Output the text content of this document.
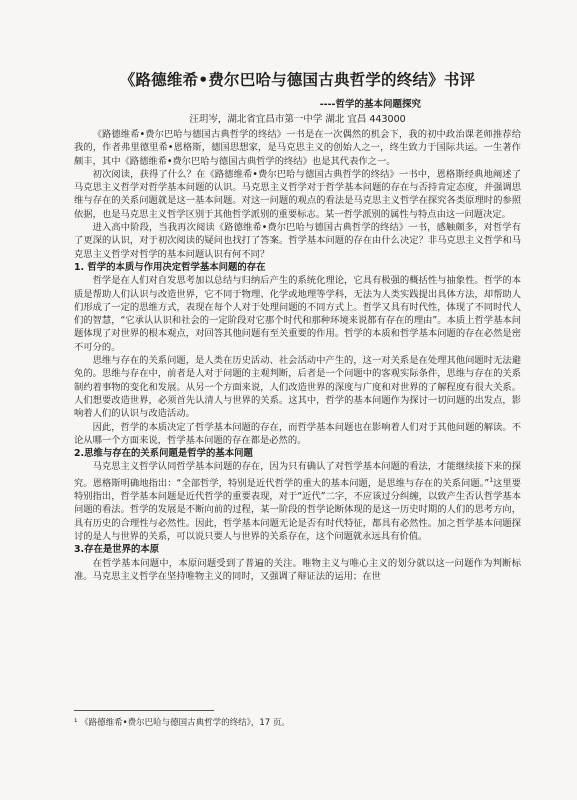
《路德维希•费尔巴哈与德国古典哲学的终结》书评
----哲学的基本问题探究
汪玥岑，湖北省宜昌市第一中学 湖北 宜昌 443000

《路德维希•费尔巴哈与德国古典哲学的终结》一书是在一次偶然的机会下，我的初中政治课老师推荐给我的，作者弗里德里希•恩格斯，德国思想家，是马克思主义的创始人之一，终生致力于国际共运。一生著作颇丰，其中《路德维希•费尔巴哈与德国古典哲学的终结》也是其代表作之一。

初次阅读，获得了什么？在《路德维希•费尔巴哈与德国古典哲学的终结》一书中，恩格斯经典地阐述了马克思主义哲学对哲学基本问题的认识。马克思主义哲学对于哲学基本问题的存在与否持肯定态度，并强调思维与存在的关系问题就是这一基本问题。对这一问题的观点的看法是马克思主义哲学在探究各类原理时的参照依据，也是马克思主义哲学区别于其他哲学派别的重要标志。某一哲学派别的属性与特点由这一问题决定。

进入高中阶段，当我再次阅读《路德维希•费尔巴哈与德国古典哲学的终结》一书，感触颇多，对哲学有了更深的认识，对于初次阅读的疑问也找打了答案。哲学基本问题的存在由什么决定？非马克思主义哲学和马克思主义哲学对哲学的基本问题认识有何不同？

1. 哲学的本质与作用决定哲学基本问题的存在

哲学是在人们对自发思考加以总结与归纳后产生的系统化理论，它具有极强的概括性与抽象性。哲学的本质是帮助人们认识与改造世界，它不同于物理、化学或地理等学科，无法为人类实践提出具体方法，却帮助人们形成了一定的思维方式，表现在每个人对于处理问题的不同方式上。哲学又具有时代性，体现了不同时代人们的智慧，“它承认认识和社会的一定阶段对它那个时代和那种环境来说都有存在的理由”。本质上哲学基本问题体现了对世界的根本观点，对回答其他问题有至关重要的作用。哲学的本质和哲学基本问题的存在必然是密不可分的。

思维与存在的关系问题，是人类在历史活动、社会活动中产生的，这一对关系是在处理其他问题时无法避免的。思维与存在中，前者是人对于问题的主观判断，后者是一个问题中的客观实际条件，思维与存在的关系制约着事物的变化和发展。从另一个方面来说，人们改造世界的深度与广度和对世界的了解程度有很大关系。人们想要改造世界，必须首先认清人与世界的关系。这其中，哲学的基本问题作为探讨一切问题的出发点，影响着人们的认识与改造活动。

因此，哲学的本质决定了哲学基本问题的存在，而哲学基本问题也在影响着人们对于其他问题的解读。不论从哪一个方面来说，哲学基本问题的存在都是必然的。

2.思维与存在的关系问题是哲学的基本问题

马克思主义哲学认同哲学基本问题的存在，因为只有确认了对哲学基本问题的看法，才能继续接下来的探究。恩格斯明确地指出：“全部哲学，特别是近代哲学的重大的基本问题，是思维与存在的关系问题。”$^1$这里要特别指出，哲学基本问题是近代哲学的重要表现，对于“近代”二字，不应该过分纠缠，以致产生否认哲学基本问题的看法。哲学的发展是不断向前的过程，某一阶段的哲学论断体现的是这一历史时期的人们的思考方向，具有历史的合理性与必然性。因此，哲学基本问题无论是否有时代特征，都具有必然性。加之哲学基本问题探讨的是人与世界的关系，可以说只要人与世界的关系存在，这个问题就永远具有价值。

3.存在是世界的本原

在哲学基本问题中，本原问题受到了普遍的关注。唯物主义与唯心主义的划分就以这一问题作为判断标准。马克思主义哲学在坚持唯物主义的同时，又强调了辩证法的运用；在世

¹ 《路德维希•费尔巴哈与德国古典哲学的终结》，17 页。
